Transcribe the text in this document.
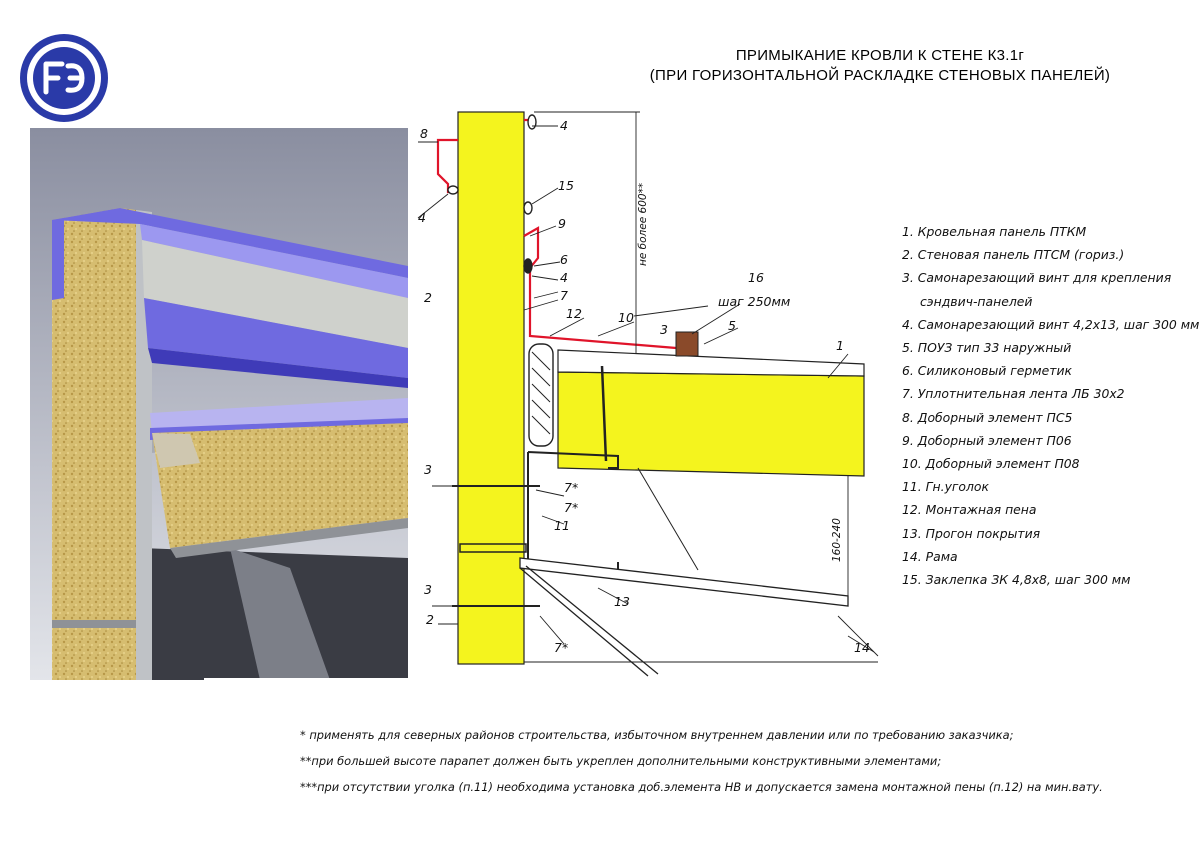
ПРИМЫКАНИЕ КРОВЛИ К СТЕНЕ К3.1г
(ПРИ ГОРИЗОНТАЛЬНОЙ РАСКЛАДКЕ СТЕНОВЫХ ПАНЕЛЕЙ)
8
4
4
15
9
6
4
7
2
12	10
16
шаг 250мм
3	5
1
3
7*
7*
11
13
3
7*
2
14
не более 600**
160-240
1. Кровельная панель ПТКМ
2. Стеновая панель ПТСМ (гориз.)
3. Самонарезающий винт для крепления
сэндвич-панелей
4. Самонарезающий винт 4,2х13, шаг 300 мм
5. ПОУЗ тип 33 наружный
6. Силиконовый герметик
7. Уплотнительная лента ЛБ 30х2
8. Доборный элемент ПС5
9. Доборный элемент П06
10. Доборный элемент П08
11. Гн.уголок
12. Монтажная пена
13. Прогон покрытия
14. Рама
15. Заклепка ЗК 4,8х8, шаг 300 мм
* применять для северных районов строительства, избыточном внутреннем давлении или по требованию заказчика;
**при большей высоте парапет должен быть укреплен дополнительными конструктивными элементами;
***при отсутствии уголка (п.11) необходима установка доб.элемента НВ и допускается замена монтажной пены (п.12) на мин.вату.
